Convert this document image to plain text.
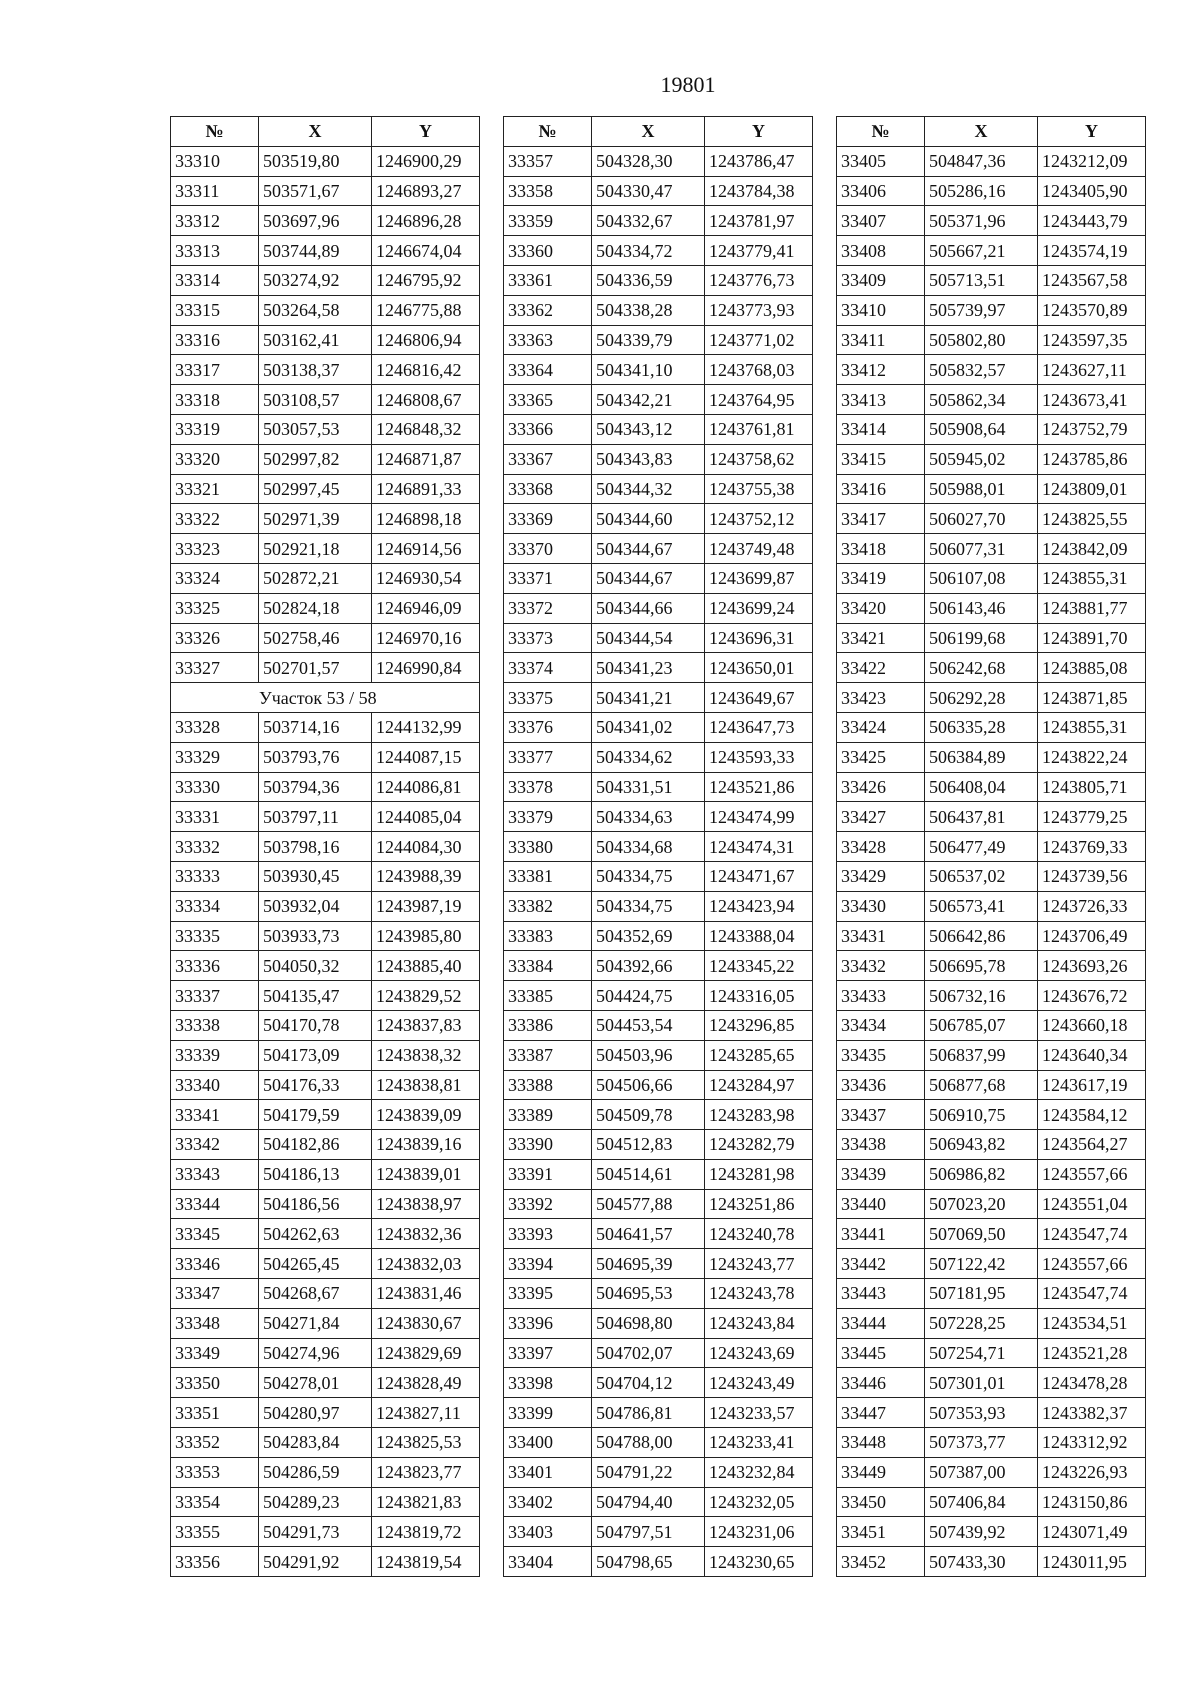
19801
№	X	Y
33310	503519,80	1246900,29
33311	503571,67	1246893,27
33312	503697,96	1246896,28
33313	503744,89	1246674,04
33314	503274,92	1246795,92
33315	503264,58	1246775,88
33316	503162,41	1246806,94
33317	503138,37	1246816,42
33318	503108,57	1246808,67
33319	503057,53	1246848,32
33320	502997,82	1246871,87
33321	502997,45	1246891,33
33322	502971,39	1246898,18
33323	502921,18	1246914,56
33324	502872,21	1246930,54
33325	502824,18	1246946,09
33326	502758,46	1246970,16
33327	502701,57	1246990,84
Участок 53 / 58		
33328	503714,16	1244132,99
33329	503793,76	1244087,15
33330	503794,36	1244086,81
33331	503797,11	1244085,04
33332	503798,16	1244084,30
33333	503930,45	1243988,39
33334	503932,04	1243987,19
33335	503933,73	1243985,80
33336	504050,32	1243885,40
33337	504135,47	1243829,52
33338	504170,78	1243837,83
33339	504173,09	1243838,32
33340	504176,33	1243838,81
33341	504179,59	1243839,09
33342	504182,86	1243839,16
33343	504186,13	1243839,01
33344	504186,56	1243838,97
33345	504262,63	1243832,36
33346	504265,45	1243832,03
33347	504268,67	1243831,46
33348	504271,84	1243830,67
33349	504274,96	1243829,69
33350	504278,01	1243828,49
33351	504280,97	1243827,11
33352	504283,84	1243825,53
33353	504286,59	1243823,77
33354	504289,23	1243821,83
33355	504291,73	1243819,72
33356	504291,92	1243819,54
№	X	Y
33357	504328,30	1243786,47
33358	504330,47	1243784,38
33359	504332,67	1243781,97
33360	504334,72	1243779,41
33361	504336,59	1243776,73
33362	504338,28	1243773,93
33363	504339,79	1243771,02
33364	504341,10	1243768,03
33365	504342,21	1243764,95
33366	504343,12	1243761,81
33367	504343,83	1243758,62
33368	504344,32	1243755,38
33369	504344,60	1243752,12
33370	504344,67	1243749,48
33371	504344,67	1243699,87
33372	504344,66	1243699,24
33373	504344,54	1243696,31
33374	504341,23	1243650,01
33375	504341,21	1243649,67
33376	504341,02	1243647,73
33377	504334,62	1243593,33
33378	504331,51	1243521,86
33379	504334,63	1243474,99
33380	504334,68	1243474,31
33381	504334,75	1243471,67
33382	504334,75	1243423,94
33383	504352,69	1243388,04
33384	504392,66	1243345,22
33385	504424,75	1243316,05
33386	504453,54	1243296,85
33387	504503,96	1243285,65
33388	504506,66	1243284,97
33389	504509,78	1243283,98
33390	504512,83	1243282,79
33391	504514,61	1243281,98
33392	504577,88	1243251,86
33393	504641,57	1243240,78
33394	504695,39	1243243,77
33395	504695,53	1243243,78
33396	504698,80	1243243,84
33397	504702,07	1243243,69
33398	504704,12	1243243,49
33399	504786,81	1243233,57
33400	504788,00	1243233,41
33401	504791,22	1243232,84
33402	504794,40	1243232,05
33403	504797,51	1243231,06
33404	504798,65	1243230,65
№	X	Y
33405	504847,36	1243212,09
33406	505286,16	1243405,90
33407	505371,96	1243443,79
33408	505667,21	1243574,19
33409	505713,51	1243567,58
33410	505739,97	1243570,89
33411	505802,80	1243597,35
33412	505832,57	1243627,11
33413	505862,34	1243673,41
33414	505908,64	1243752,79
33415	505945,02	1243785,86
33416	505988,01	1243809,01
33417	506027,70	1243825,55
33418	506077,31	1243842,09
33419	506107,08	1243855,31
33420	506143,46	1243881,77
33421	506199,68	1243891,70
33422	506242,68	1243885,08
33423	506292,28	1243871,85
33424	506335,28	1243855,31
33425	506384,89	1243822,24
33426	506408,04	1243805,71
33427	506437,81	1243779,25
33428	506477,49	1243769,33
33429	506537,02	1243739,56
33430	506573,41	1243726,33
33431	506642,86	1243706,49
33432	506695,78	1243693,26
33433	506732,16	1243676,72
33434	506785,07	1243660,18
33435	506837,99	1243640,34
33436	506877,68	1243617,19
33437	506910,75	1243584,12
33438	506943,82	1243564,27
33439	506986,82	1243557,66
33440	507023,20	1243551,04
33441	507069,50	1243547,74
33442	507122,42	1243557,66
33443	507181,95	1243547,74
33444	507228,25	1243534,51
33445	507254,71	1243521,28
33446	507301,01	1243478,28
33447	507353,93	1243382,37
33448	507373,77	1243312,92
33449	507387,00	1243226,93
33450	507406,84	1243150,86
33451	507439,92	1243071,49
33452	507433,30	1243011,95
